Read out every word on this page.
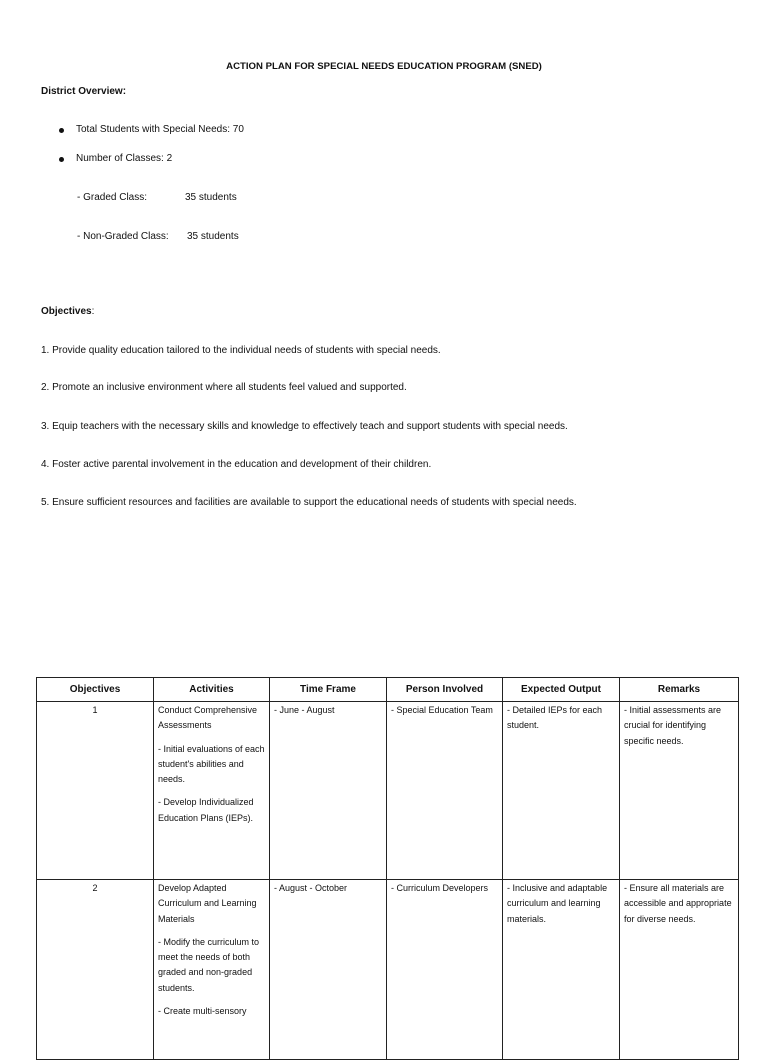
ACTION PLAN FOR SPECIAL NEEDS EDUCATION PROGRAM (SNED)
District Overview:
Total Students with Special Needs: 70
Number of Classes: 2
- Graded Class:	35 students
- Non-Graded Class: 35 students
Objectives:
1. Provide quality education tailored to the individual needs of students with special needs.
2. Promote an inclusive environment where all students feel valued and supported.
3. Equip teachers with the necessary skills and knowledge to effectively teach and support students with special needs.
4. Foster active parental involvement in the education and development of their children.
5. Ensure sufficient resources and facilities are available to support the educational needs of students with special needs.
Objectives	Activities	Time Frame	Person Involved	Expected Output	Remarks
1	Conduct Comprehensive Assessments
- Initial evaluations of each student's abilities and needs.
- Develop Individualized Education Plans (IEPs).	- June - August	- Special Education Team	- Detailed IEPs for each student.	- Initial assessments are crucial for identifying specific needs.
2	Develop Adapted Curriculum and Learning Materials
- Modify the curriculum to meet the needs of both graded and non-graded students.
- Create multi-sensory	- August - October	- Curriculum Developers	- Inclusive and adaptable curriculum and learning materials.	- Ensure all materials are accessible and appropriate for diverse needs.
